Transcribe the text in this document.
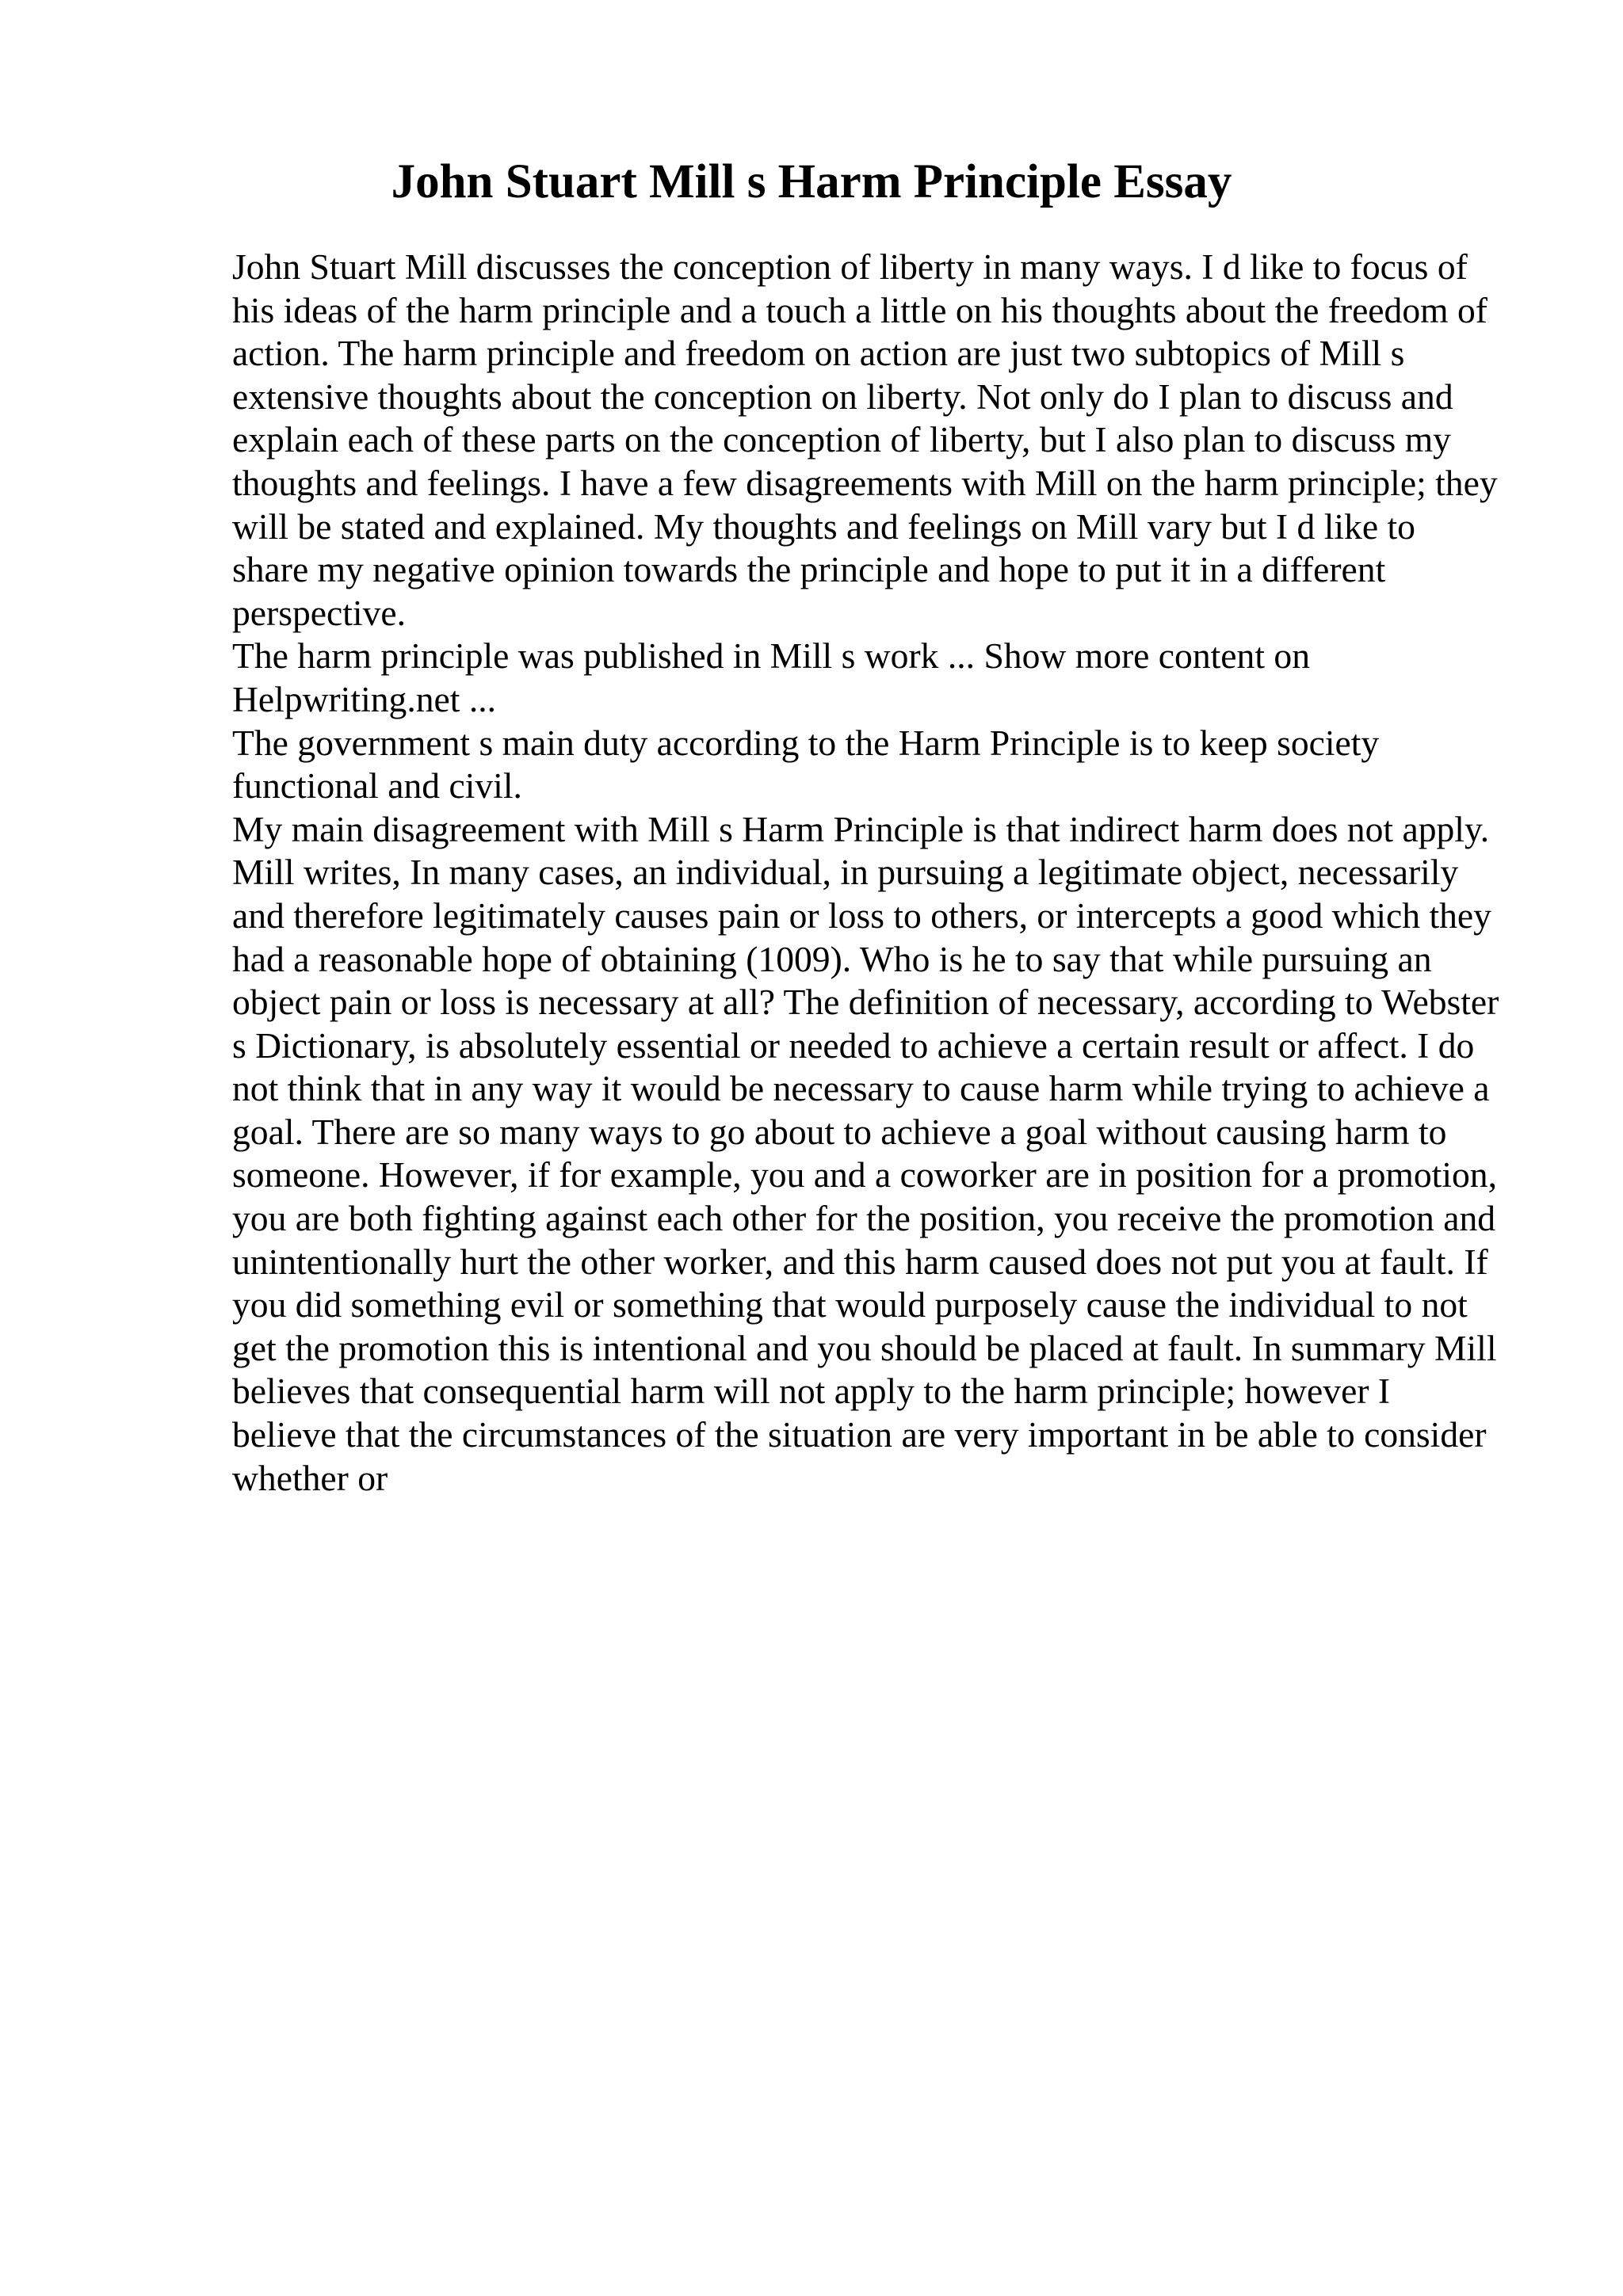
John Stuart Mill s Harm Principle Essay

John Stuart Mill discusses the conception of liberty in many ways. I d like to focus of his ideas of the harm principle and a touch a little on his thoughts about the freedom of action. The harm principle and freedom on action are just two subtopics of Mill s extensive thoughts about the conception on liberty. Not only do I plan to discuss and explain each of these parts on the conception of liberty, but I also plan to discuss my thoughts and feelings. I have a few disagreements with Mill on the harm principle; they will be stated and explained. My thoughts and feelings on Mill vary but I d like to share my negative opinion towards the principle and hope to put it in a different perspective.

The harm principle was published in Mill s work ... Show more content on Helpwriting.net ...

The government s main duty according to the Harm Principle is to keep society functional and civil.

My main disagreement with Mill s Harm Principle is that indirect harm does not apply. Mill writes, In many cases, an individual, in pursuing a legitimate object, necessarily and therefore legitimately causes pain or loss to others, or intercepts a good which they had a reasonable hope of obtaining (1009). Who is he to say that while pursuing an object pain or loss is necessary at all? The definition of necessary, according to Webster s Dictionary, is absolutely essential or needed to achieve a certain result or affect. I do not think that in any way it would be necessary to cause harm while trying to achieve a goal. There are so many ways to go about to achieve a goal without causing harm to someone. However, if for example, you and a coworker are in position for a promotion, you are both fighting against each other for the position, you receive the promotion and unintentionally hurt the other worker, and this harm caused does not put you at fault. If you did something evil or something that would purposely cause the individual to not get the promotion this is intentional and you should be placed at fault. In summary Mill believes that consequential harm will not apply to the harm principle; however I believe that the circumstances of the situation are very important in be able to consider whether or
